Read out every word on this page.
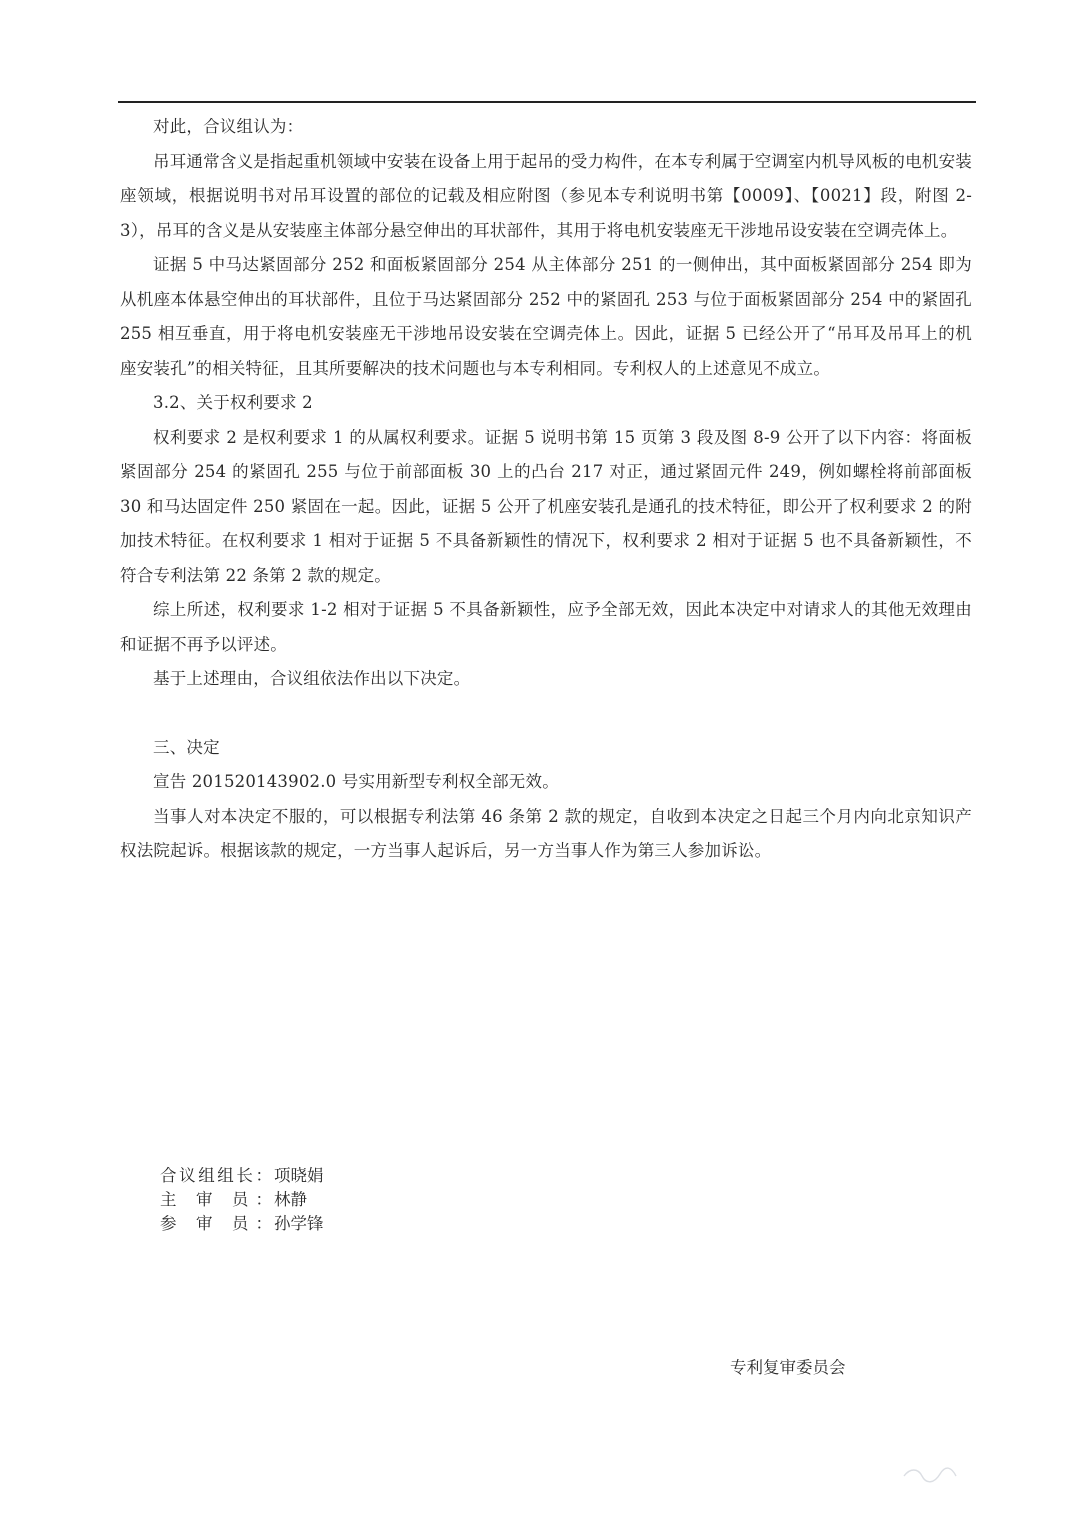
对此，合议组认为：

吊耳通常含义是指起重机领域中安装在设备上用于起吊的受力构件，在本专利属于空调室内机导风板的电机安装座领域，根据说明书对吊耳设置的部位的记载及相应附图（参见本专利说明书第【0009】、【0021】段，附图 2-3），吊耳的含义是从安装座主体部分悬空伸出的耳状部件，其用于将电机安装座无干涉地吊设安装在空调壳体上。

证据 5 中马达紧固部分 252 和面板紧固部分 254 从主体部分 251 的一侧伸出，其中面板紧固部分 254 即为从机座本体悬空伸出的耳状部件，且位于马达紧固部分 252 中的紧固孔 253 与位于面板紧固部分 254 中的紧固孔 255 相互垂直，用于将电机安装座无干涉地吊设安装在空调壳体上。因此，证据 5 已经公开了“吊耳及吊耳上的机座安装孔”的相关特征，且其所要解决的技术问题也与本专利相同。专利权人的上述意见不成立。

3.2、关于权利要求 2

权利要求 2 是权利要求 1 的从属权利要求。证据 5 说明书第 15 页第 3 段及图 8-9 公开了以下内容：将面板紧固部分 254 的紧固孔 255 与位于前部面板 30 上的凸台 217 对正，通过紧固元件 249，例如螺栓将前部面板 30 和马达固定件 250 紧固在一起。因此，证据 5 公开了机座安装孔是通孔的技术特征，即公开了权利要求 2 的附加技术特征。在权利要求 1 相对于证据 5 不具备新颖性的情况下，权利要求 2 相对于证据 5 也不具备新颖性，不符合专利法第 22 条第 2 款的规定。

综上所述，权利要求 1-2 相对于证据 5 不具备新颖性，应予全部无效，因此本决定中对请求人的其他无效理由和证据不再予以评述。

基于上述理由，合议组依法作出以下决定。

三、决定

宣告 201520143902.0 号实用新型专利权全部无效。

当事人对本决定不服的，可以根据专利法第 46 条第 2 款的规定，自收到本决定之日起三个月内向北京知识产权法院起诉。根据该款的规定，一方当事人起诉后，另一方当事人作为第三人参加诉讼。

合议组组长： 项晓娟
主 审 员： 林静
参 审 员： 孙学锋
专利复审委员会
